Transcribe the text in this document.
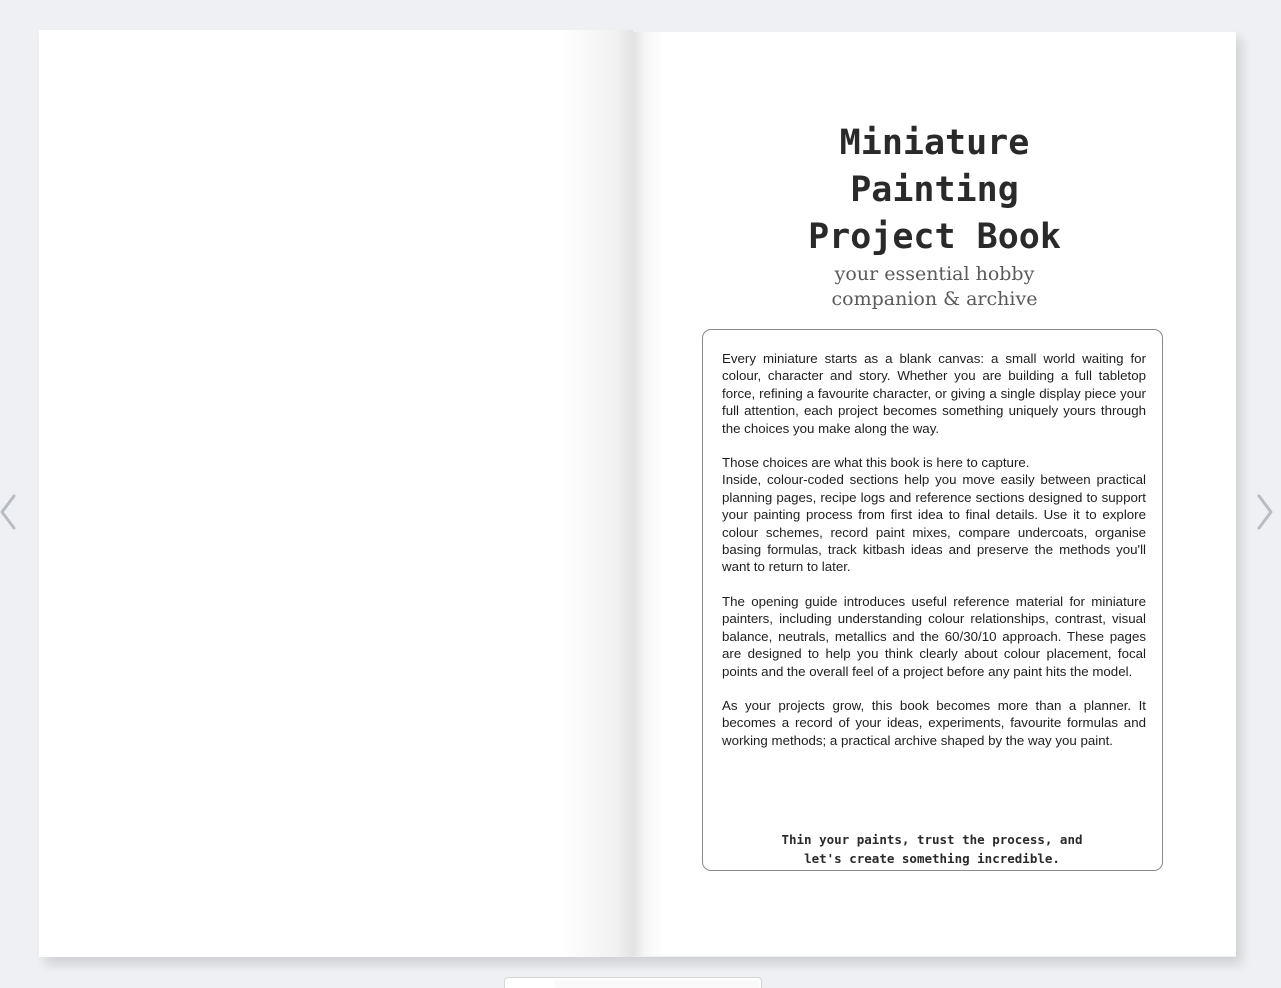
Miniature
Painting
Project Book
your essential hobby
companion & archive

Every miniature starts as a blank canvas: a small world waiting for colour, character and story. Whether you are building a full tabletop force, refining a favourite character, or giving a single display piece your full attention, each project becomes something uniquely yours through the choices you make along the way.

Those choices are what this book is here to capture.

Inside, colour-coded sections help you move easily between practical planning pages, recipe logs and reference sections designed to support your painting process from first idea to final details. Use it to explore colour schemes, record paint mixes, compare undercoats, organise basing formulas, track kitbash ideas and preserve the methods you'll want to return to later.

The opening guide introduces useful reference material for miniature painters, including understanding colour relationships, contrast, visual balance, neutrals, metallics and the 60/30/10 approach. These pages are designed to help you think clearly about colour placement, focal points and the overall feel of a project before any paint hits the model.

As your projects grow, this book becomes more than a planner. It becomes a record of your ideas, experiments, favourite formulas and working methods; a practical archive shaped by the way you paint.

Thin your paints, trust the process, and
let's create something incredible.
